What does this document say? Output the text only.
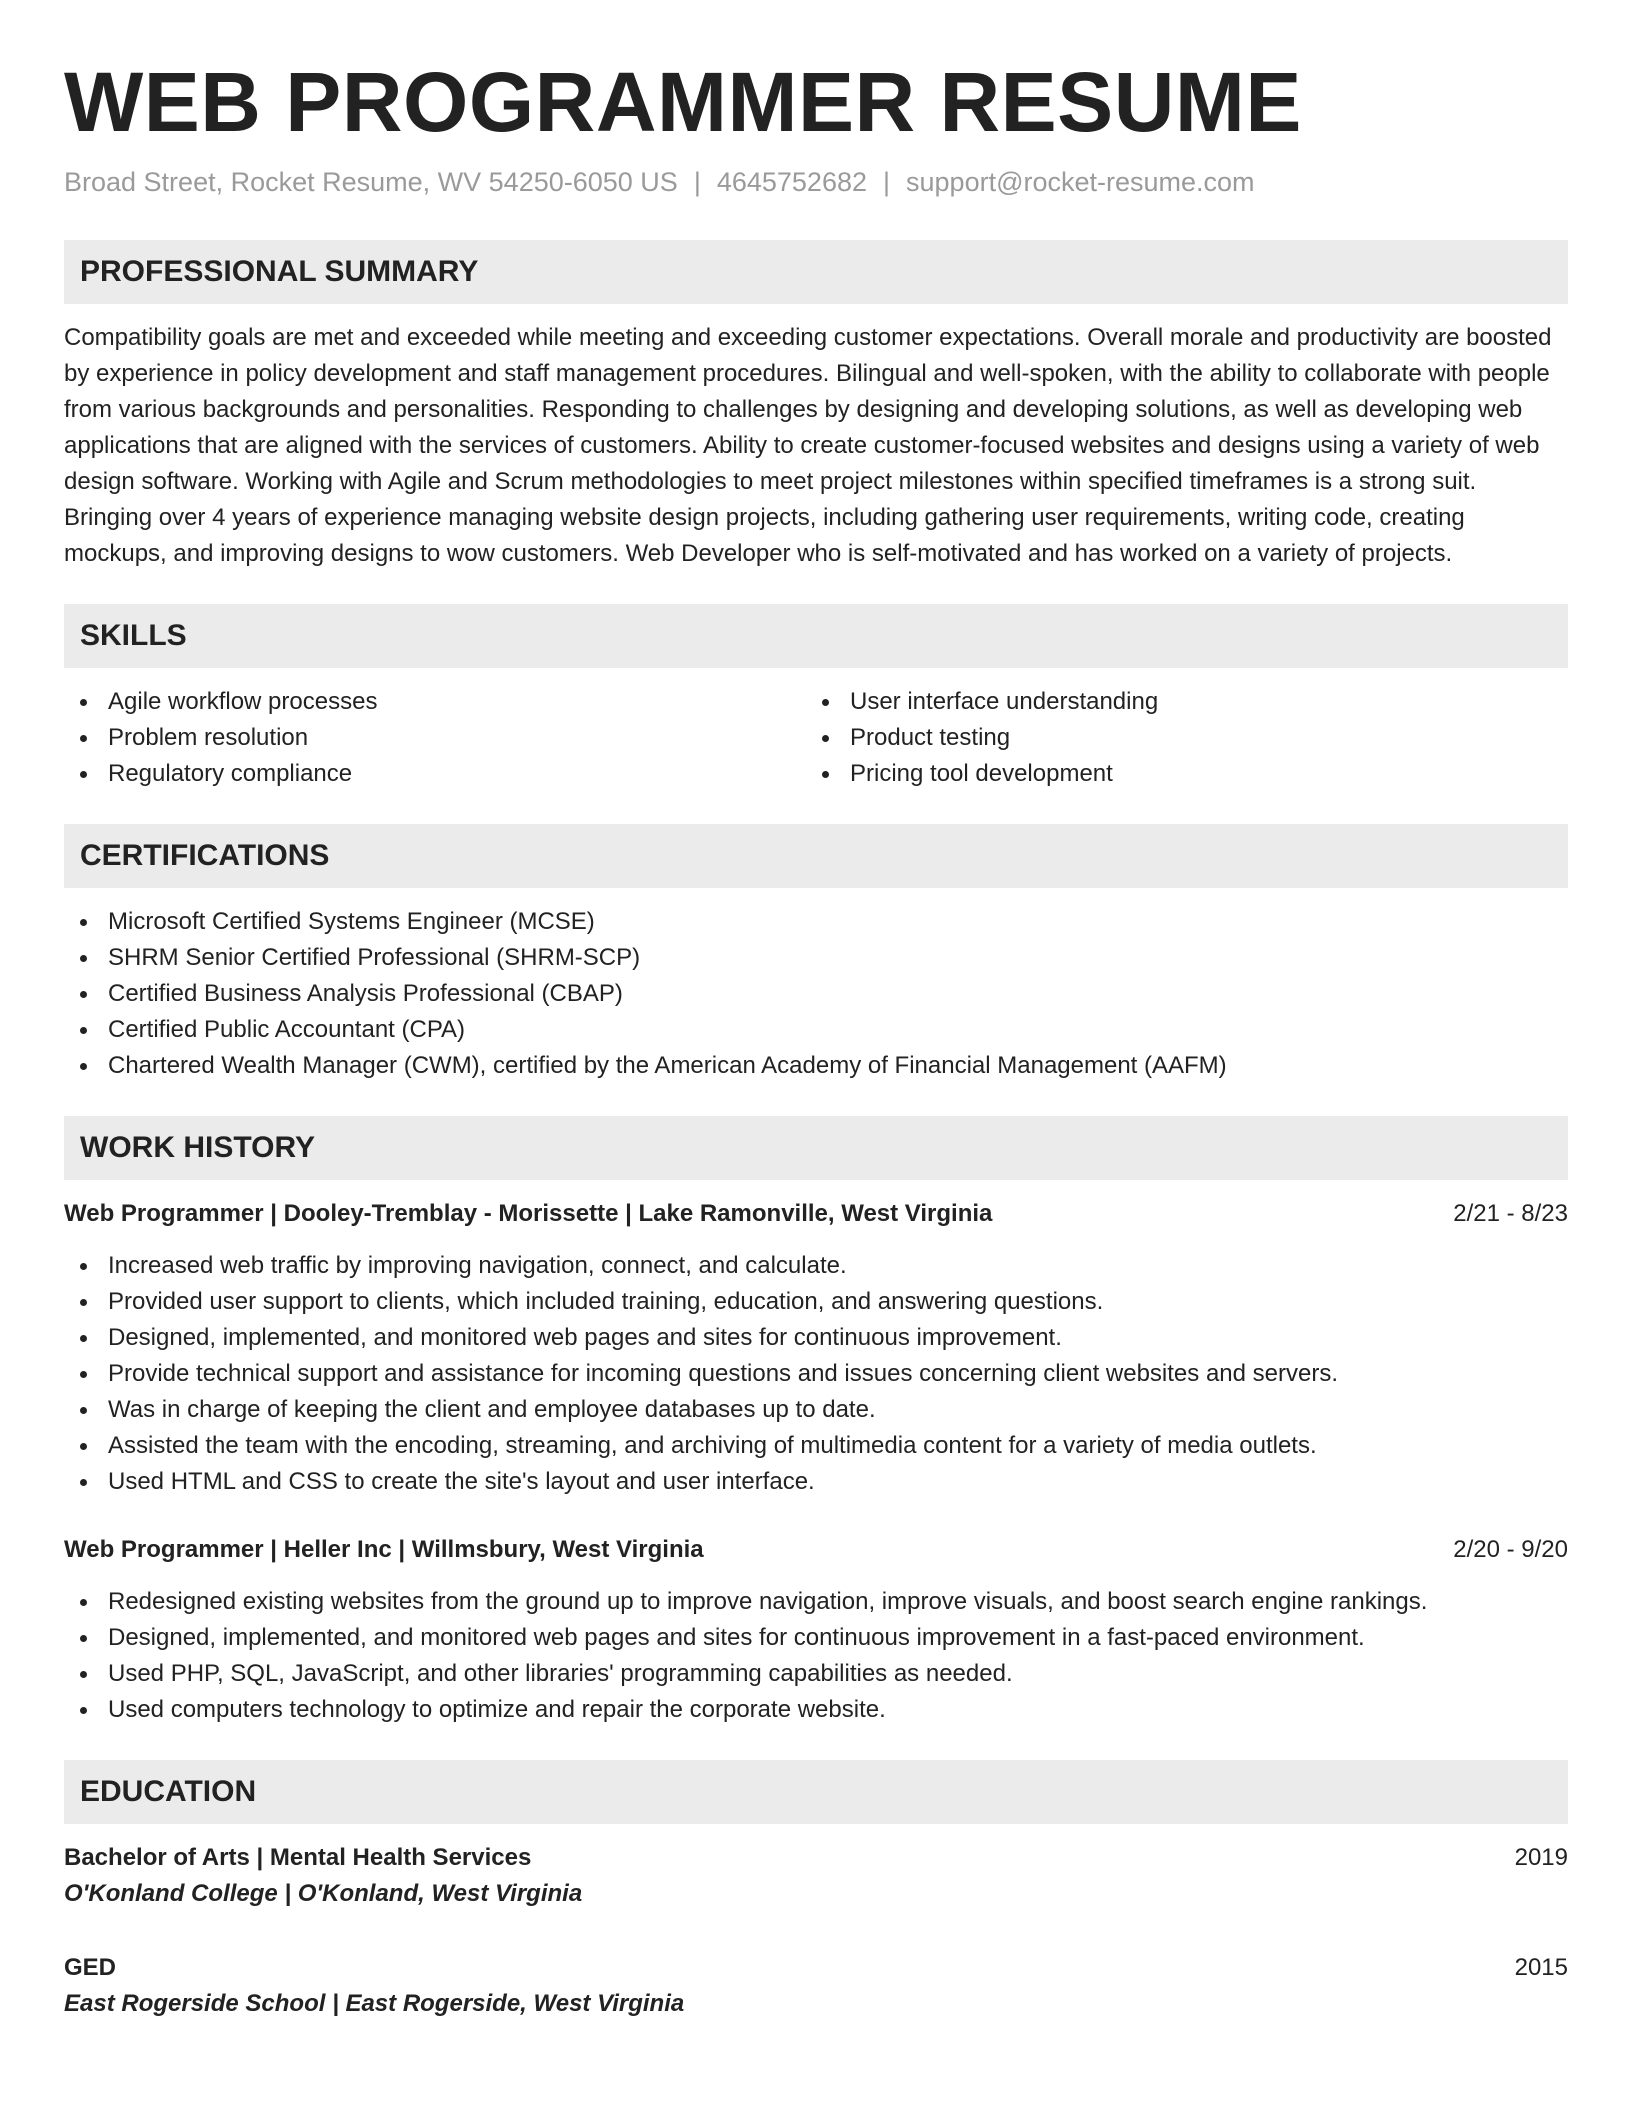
WEB PROGRAMMER RESUME
Broad Street, Rocket Resume, WV 54250-6050 US | 4645752682 | support@rocket-resume.com
PROFESSIONAL SUMMARY

Compatibility goals are met and exceeded while meeting and exceeding customer expectations. Overall morale and productivity are boosted by experience in policy development and staff management procedures. Bilingual and well-spoken, with the ability to collaborate with people from various backgrounds and personalities. Responding to challenges by designing and developing solutions, as well as developing web applications that are aligned with the services of customers. Ability to create customer-focused websites and designs using a variety of web design software. Working with Agile and Scrum methodologies to meet project milestones within specified timeframes is a strong suit. Bringing over 4 years of experience managing website design projects, including gathering user requirements, writing code, creating mockups, and improving designs to wow customers. Web Developer who is self-motivated and has worked on a variety of projects.

SKILLS
Agile workflow processes
Problem resolution
Regulatory compliance
User interface understanding
Product testing
Pricing tool development
CERTIFICATIONS
Microsoft Certified Systems Engineer (MCSE)
SHRM Senior Certified Professional (SHRM-SCP)
Certified Business Analysis Professional (CBAP)
Certified Public Accountant (CPA)
Chartered Wealth Manager (CWM), certified by the American Academy of Financial Management (AAFM)
WORK HISTORY
Web Programmer | Dooley-Tremblay - Morissette | Lake Ramonville, West Virginia	2/21 - 8/23
Increased web traffic by improving navigation, connect, and calculate.
Provided user support to clients, which included training, education, and answering questions.
Designed, implemented, and monitored web pages and sites for continuous improvement.
Provide technical support and assistance for incoming questions and issues concerning client websites and servers.
Was in charge of keeping the client and employee databases up to date.
Assisted the team with the encoding, streaming, and archiving of multimedia content for a variety of media outlets.
Used HTML and CSS to create the site's layout and user interface.
Web Programmer | Heller Inc | Willmsbury, West Virginia	2/20 - 9/20
Redesigned existing websites from the ground up to improve navigation, improve visuals, and boost search engine rankings.
Designed, implemented, and monitored web pages and sites for continuous improvement in a fast-paced environment.
Used PHP, SQL, JavaScript, and other libraries' programming capabilities as needed.
Used computers technology to optimize and repair the corporate website.
EDUCATION
Bachelor of Arts | Mental Health Services	2019
O'Konland College | O'Konland, West Virginia
GED	2015
East Rogerside School | East Rogerside, West Virginia
